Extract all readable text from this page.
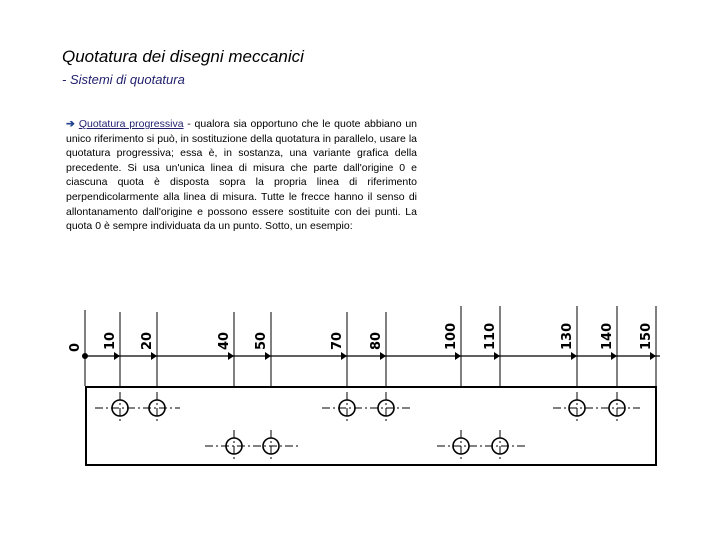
Quotatura dei disegni meccanici
- Sistemi di quotatura
➔ Quotatura progressiva - qualora sia opportuno che le quote abbiano un unico riferimento si può, in sostituzione della quotatura in parallelo, usare la quotatura progressiva; essa è, in sostanza, una variante grafica della precedente. Si usa un'unica linea di misura che parte dall'origine 0 e ciascuna quota è disposta sopra la propria linea di riferimento perpendicolarmente alla linea di misura. Tutte le frecce hanno il senso di allontanamento dall'origine e possono essere sostituite con dei punti. La quota 0 è sempre individuata da un punto. Sotto, un esempio:
0 10 20	40 50	70 80	100 110	130 140 150
